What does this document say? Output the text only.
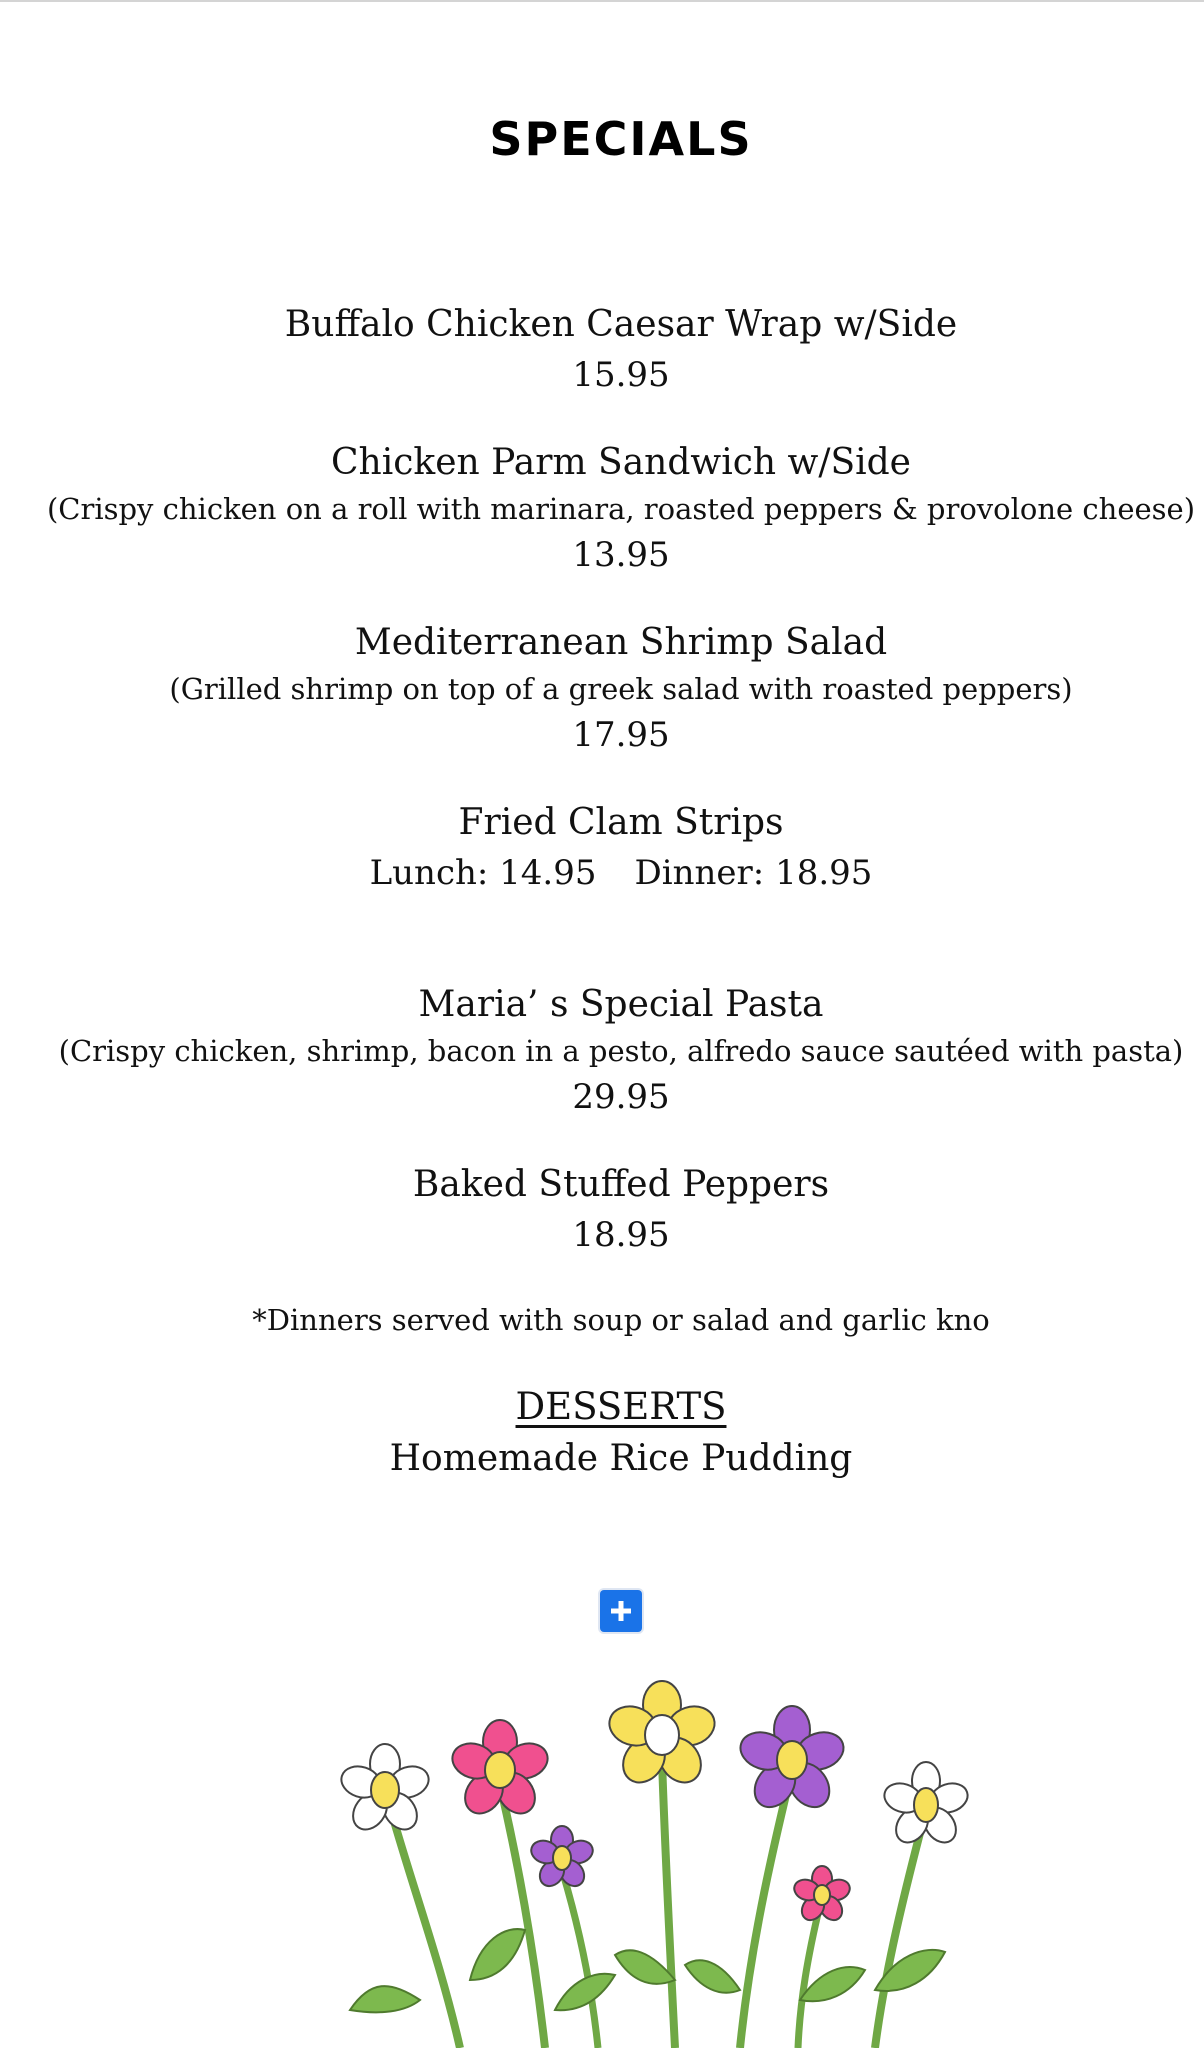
SPECIALS
Buffalo Chicken Caesar Wrap w/Side
15.95
Chicken Parm Sandwich w/Side
(Crispy chicken on a roll with marinara, roasted peppers & provolone cheese)
13.95
Mediterranean Shrimp Salad
(Grilled shrimp on top of a greek salad with roasted peppers)
17.95
Fried Clam Strips
Lunch: 14.95 Dinner: 18.95
Maria’ s Special Pasta
(Crispy chicken, shrimp, bacon in a pesto, alfredo sauce sautéed with pasta)
29.95
Baked Stuffed Peppers
18.95
*Dinners served with soup or salad and garlic kno
DESSERTS
Homemade Rice Pudding
